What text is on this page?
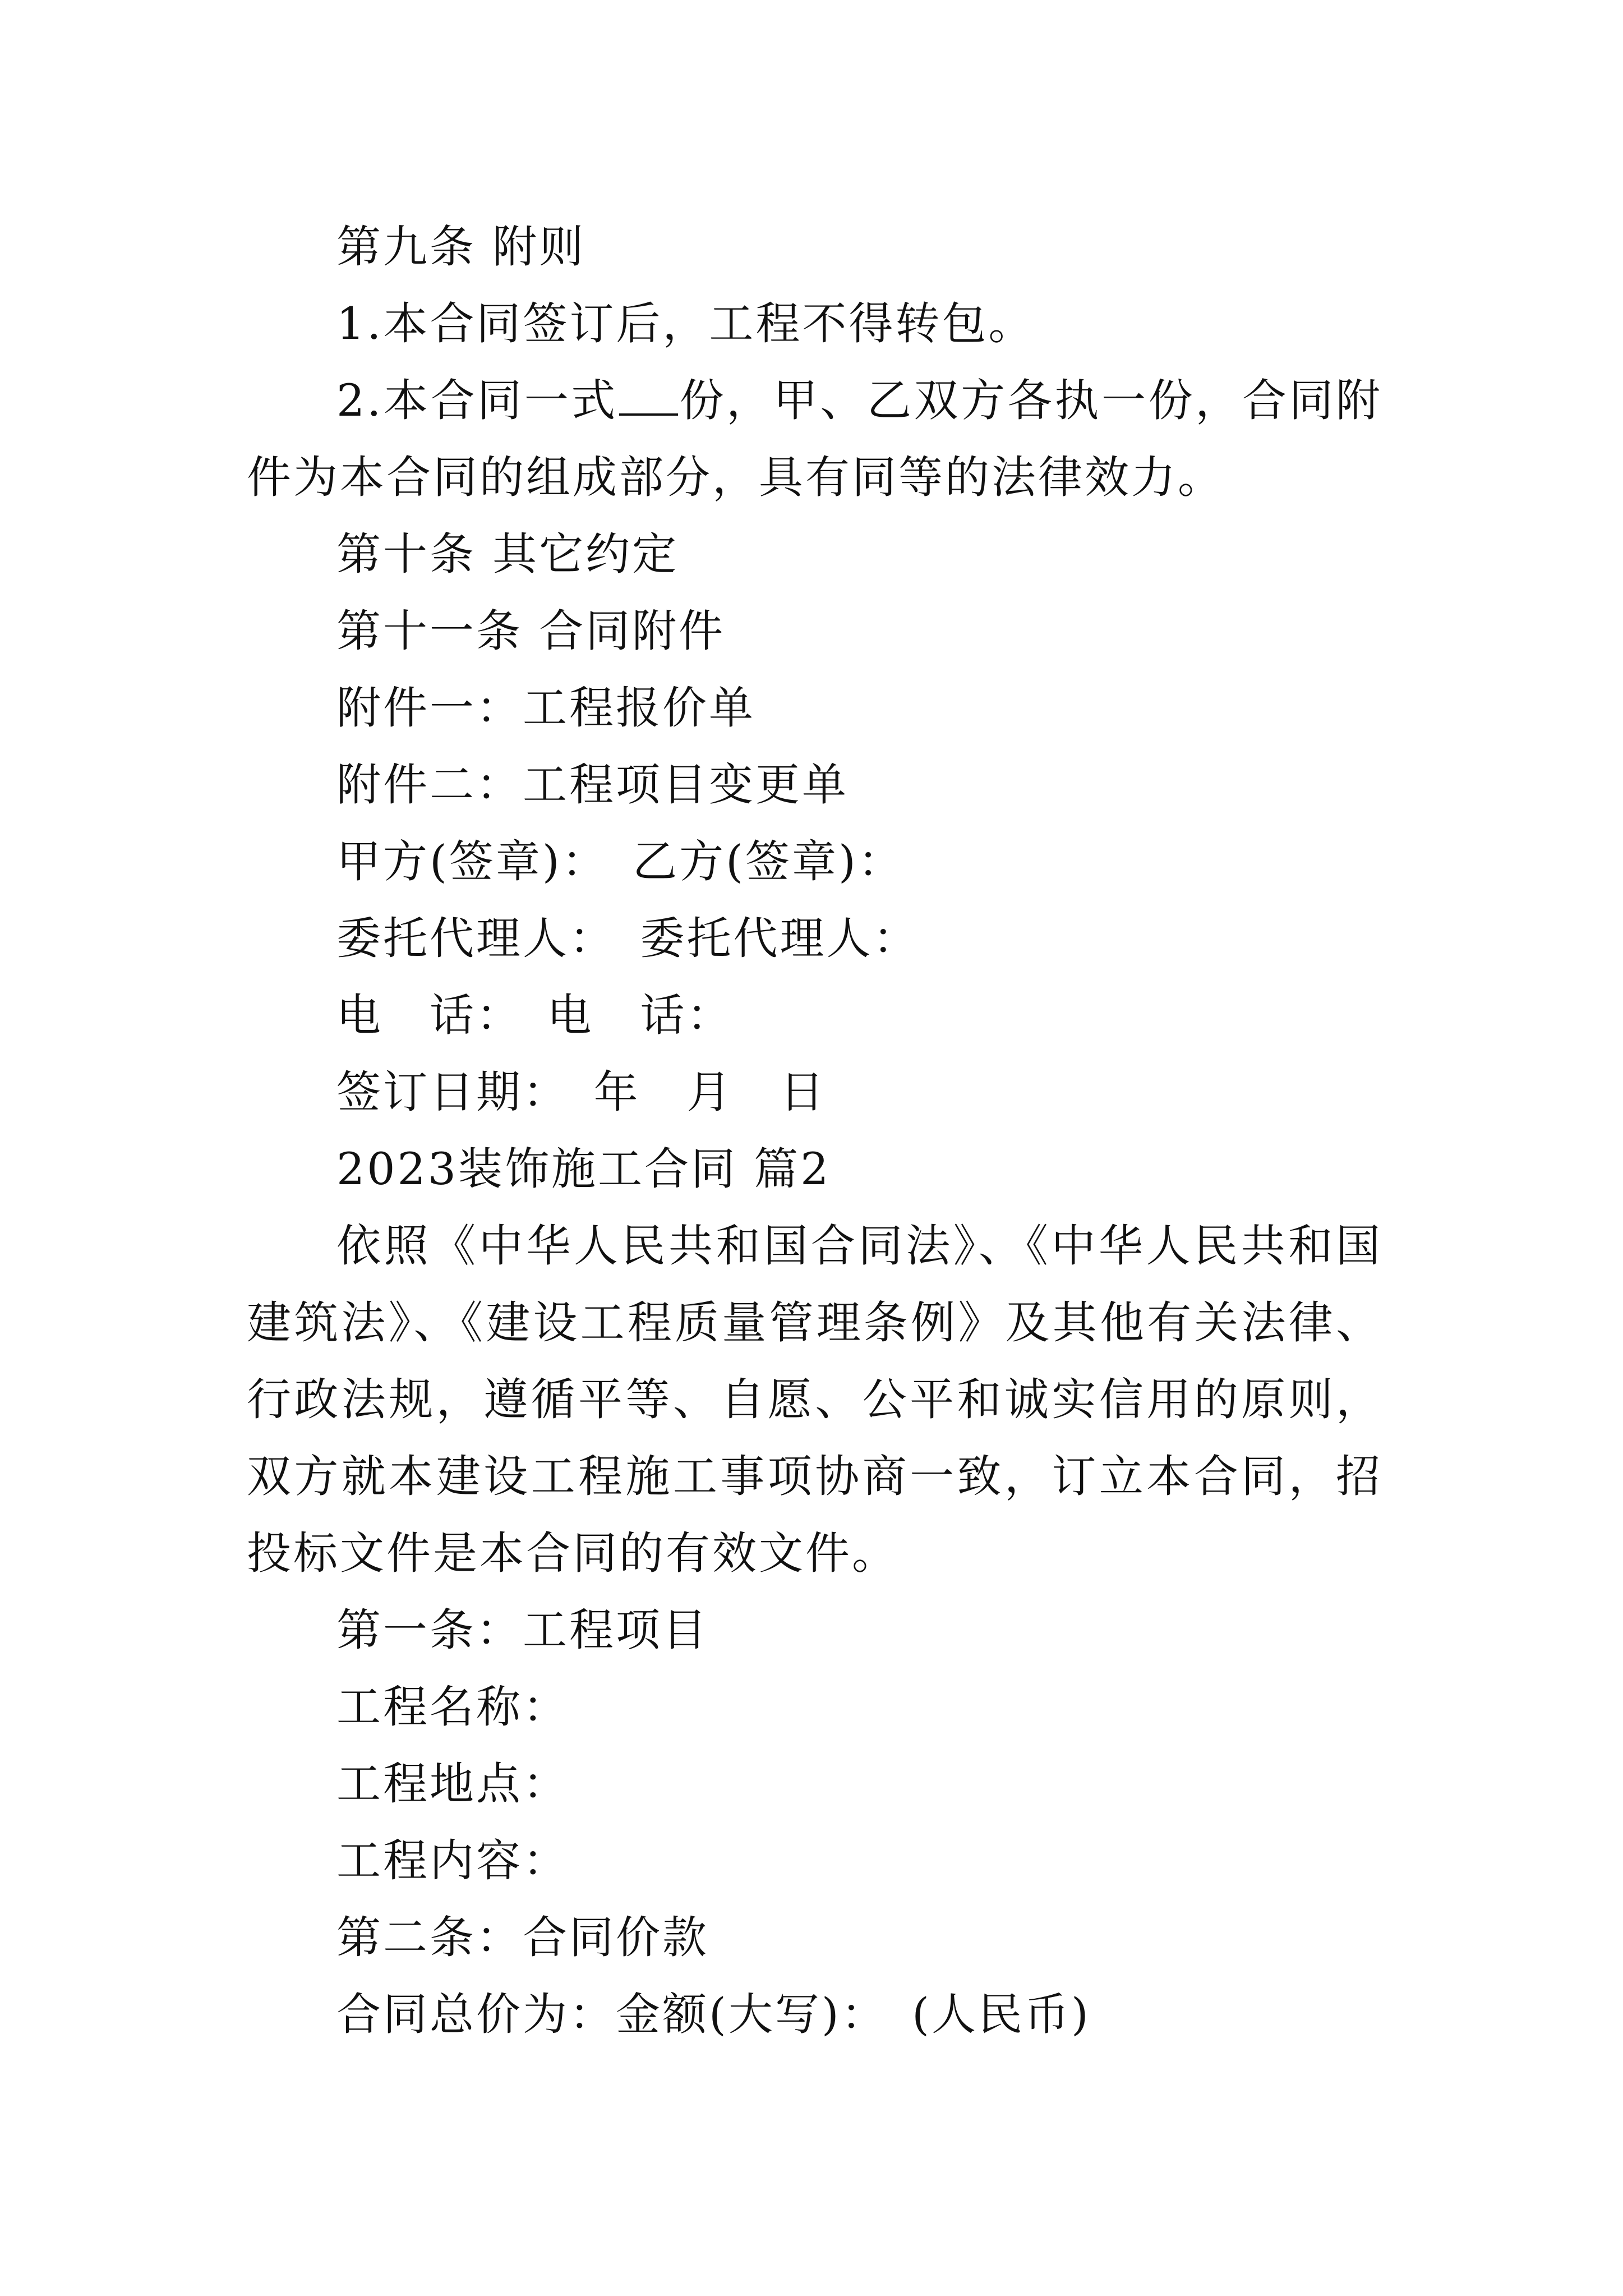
第九条 附则

1.本合同签订后，工程不得转包。

2.本合同一式 份，甲、乙双方各执一份，合同附件为本合同的组成部分，具有同等的法律效力。

第十条 其它约定

第十一条 合同附件

附件一：工程报价单

附件二：工程项目变更单

甲方(签章)：　乙方(签章)：

委托代理人：　委托代理人：

电　话：　电　话：

签订日期：　年　月　日

2023装饰施工合同 篇2

依照《中华人民共和国合同法》、《中华人民共和国建筑法》、《建设工程质量管理条例》及其他有关法律、行政法规，遵循平等、自愿、公平和诚实信用的原则，双方就本建设工程施工事项协商一致，订立本合同，招投标文件是本合同的有效文件。

第一条：工程项目

工程名称：

工程地点：

工程内容：

第二条：合同价款

合同总价为：金额(大写)：　(人民币)
